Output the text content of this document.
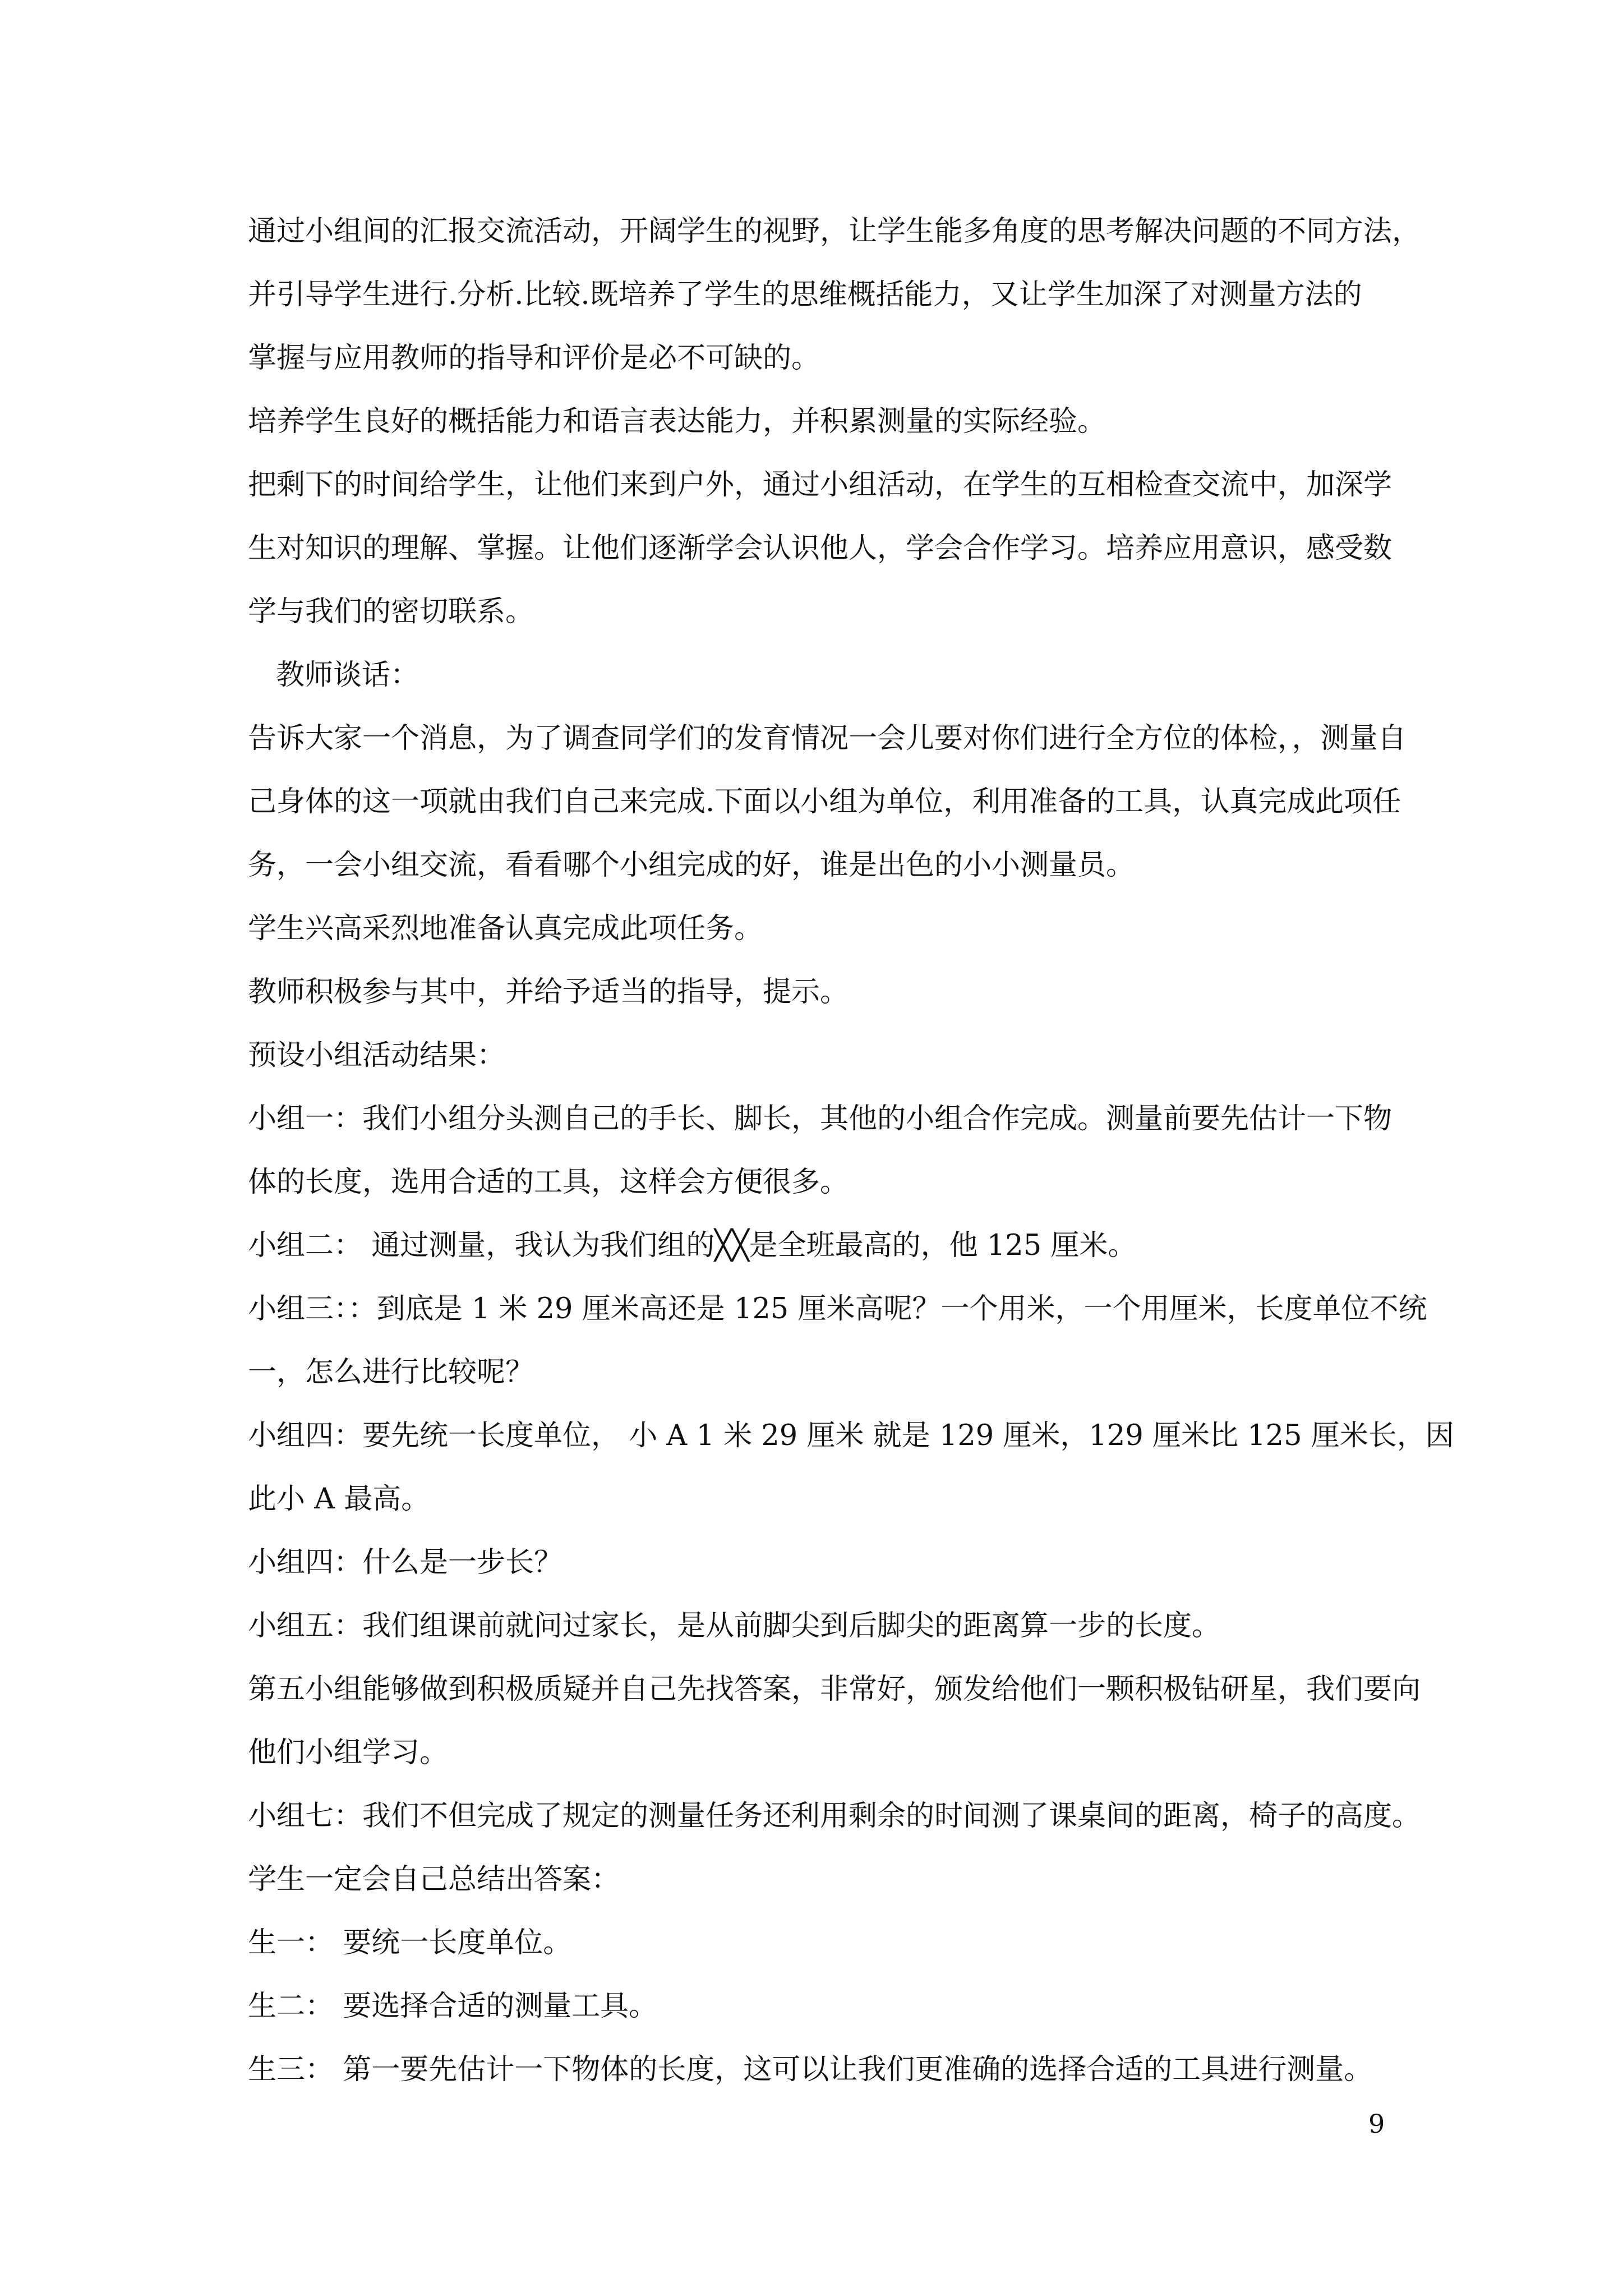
通过小组间的汇报交流活动，开阔学生的视野，让学生能多角度的思考解决问题的不同方法，

并引导学生进行.分析.比较.既培养了学生的思维概括能力，又让学生加深了对测量方法的

掌握与应用教师的指导和评价是必不可缺的。

培养学生良好的概括能力和语言表达能力，并积累测量的实际经验。

把剩下的时间给学生，让他们来到户外，通过小组活动，在学生的互相检查交流中，加深学

生对知识的理解、掌握。让他们逐渐学会认识他人，学会合作学习。培养应用意识，感受数

学与我们的密切联系。

教师谈话：

告诉大家一个消息，为了调查同学们的发育情况一会儿要对你们进行全方位的体检，，测量自

己身体的这一项就由我们自己来完成.下面以小组为单位，利用准备的工具，认真完成此项任

务，一会小组交流，看看哪个小组完成的好，谁是出色的小小测量员。

学生兴高采烈地准备认真完成此项任务。

教师积极参与其中，并给予适当的指导，提示。

预设小组活动结果：

小组一：我们小组分头测自己的手长、脚长，其他的小组合作完成。测量前要先估计一下物

体的长度，选用合适的工具，这样会方便很多。

小组二： 通过测量，我认为我们组的╳╳是全班最高的，他 125 厘米。

小组三：：到底是 1 米 29 厘米高还是 125 厘米高呢？一个用米，一个用厘米，长度单位不统

一，怎么进行比较呢？

小组四：要先统一长度单位， 小 A 1 米 29 厘米 就是 129 厘米，129 厘米比 125 厘米长，因

此小 A 最高。

小组四：什么是一步长？

小组五：我们组课前就问过家长，是从前脚尖到后脚尖的距离算一步的长度。

第五小组能够做到积极质疑并自己先找答案，非常好，颁发给他们一颗积极钻研星，我们要向

他们小组学习。

小组七：我们不但完成了规定的测量任务还利用剩余的时间测了课桌间的距离，椅子的高度。

学生一定会自己总结出答案：

生一： 要统一长度单位。

生二： 要选择合适的测量工具。

生三： 第一要先估计一下物体的长度，这可以让我们更准确的选择合适的工具进行测量。

9
